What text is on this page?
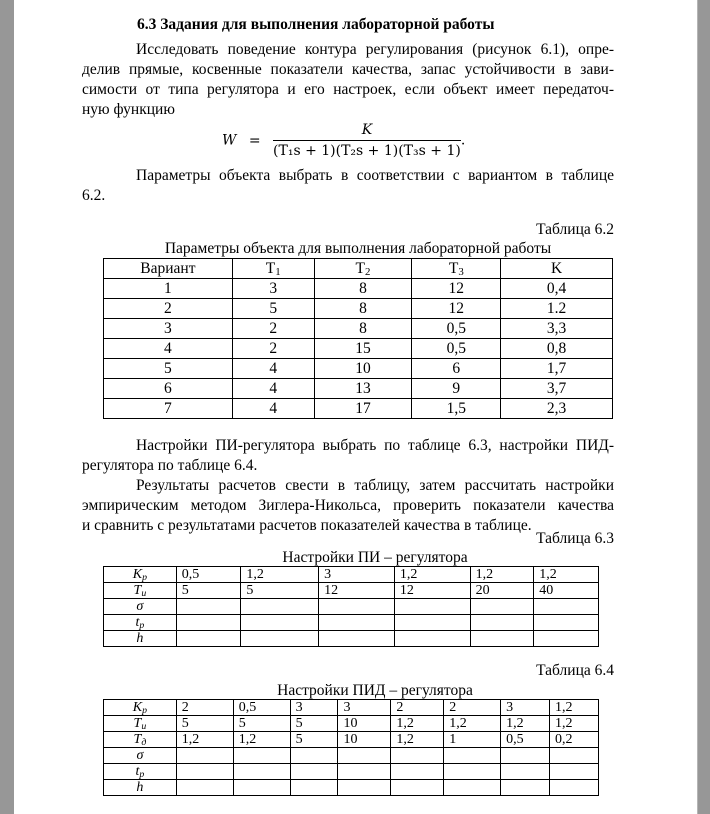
6.3 Задания для выполнения лабораторной работы
Исследовать поведение контура регулирования (рисунок 6.1), опре-
делив прямые, косвенные показатели качества, запас устойчивости в зави-
симости от типа регулятора и его настроек, если объект имеет передаточ-
ную функцию
$W = \frac{K}{\text{(T₁s + 1)(T₂s + 1)(T₃s + 1)}}$ .
Параметры объекта выбрать в соответствии с вариантом в таблице
6.2.
Таблица 6.2
Параметры объекта для выполнения лабораторной работы
Вариант	$T_1$	$T_2$	$T_3$	K
1	3	8	12	0,4
2	5	8	12	1.2
3	2	8	0,5	3,3
4	2	15	0,5	0,8
5	4	10	6	1,7
6	4	13	9	3,7
7	4	17	1,5	2,3
Настройки ПИ-регулятора выбрать по таблице 6.3, настройки ПИД-
регулятора по таблице 6.4.
Результаты расчетов свести в таблицу, затем рассчитать настройки
эмпирическим методом Зиглера-Никольса, проверить показатели качества
и сравнить с результатами расчетов показателей качества в таблице.
Таблица 6.3
Настройки ПИ – регулятора
$K_p$	0,5	1,2	3	1,2	1,2	1,2
$T_и$	5	5	12	12	20	40
σ						
$t_p$						
h						
Таблица 6.4
Настройки ПИД – регулятора
$K_p$	2	0,5	3	3	2	2	3	1,2
$T_и$	5	5	5	10	1,2	1,2	1,2	1,2
$T_д$	1,2	1,2	5	10	1,2	1	0,5	0,2
σ								
$t_p$								
h								
